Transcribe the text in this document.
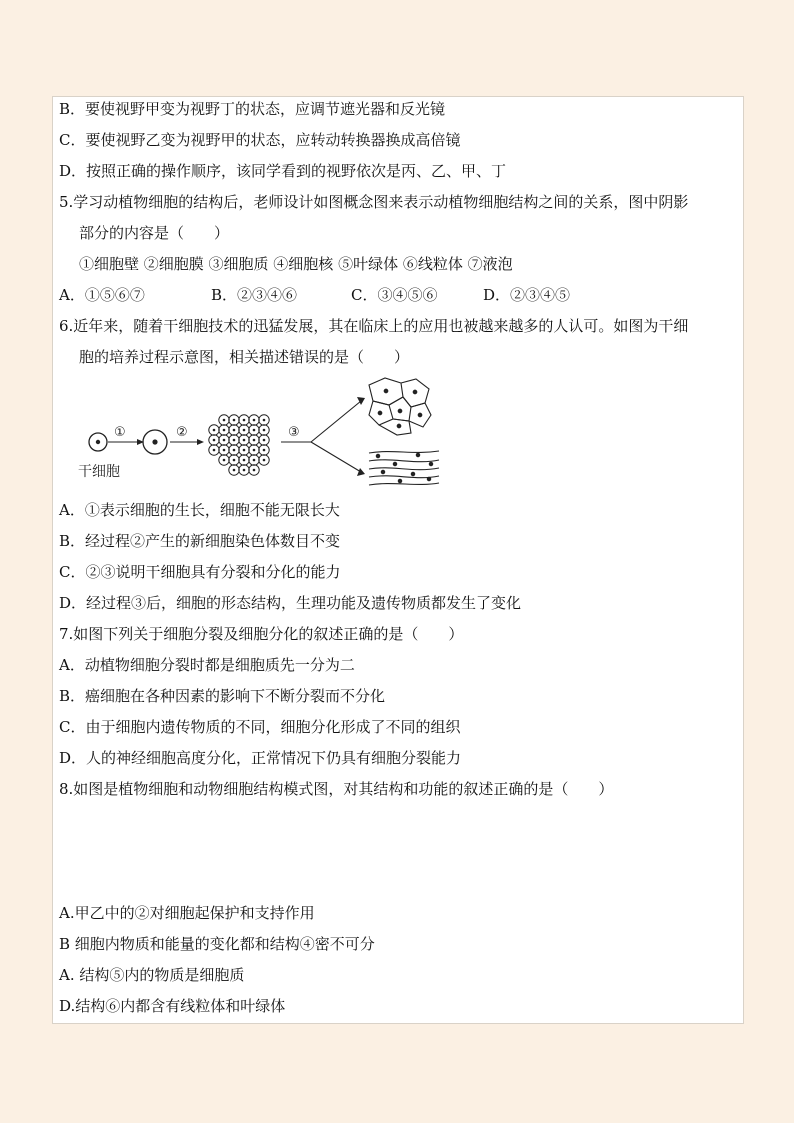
B．要使视野甲变为视野丁的状态，应调节遮光器和反光镜
C．要使视野乙变为视野甲的状态，应转动转换器换成高倍镜
D．按照正确的操作顺序，该同学看到的视野依次是丙、乙、甲、丁
5.学习动植物细胞的结构后，老师设计如图概念图来表示动植物细胞结构之间的关系，图中阴影
部分的内容是（　　）
①细胞壁 ②细胞膜 ③细胞质 ④细胞核 ⑤叶绿体 ⑥线粒体 ⑦液泡
A．①⑤⑥⑦	B．②③④⑥	C．③④⑤⑥	D．②③④⑤
6.近年来，随着干细胞技术的迅猛发展，其在临床上的应用也被越来越多的人认可。如图为干细
胞的培养过程示意图，相关描述错误的是（　　）
干细胞
①	②	③
A．①表示细胞的生长，细胞不能无限长大
B．经过程②产生的新细胞染色体数目不变
C．②③说明干细胞具有分裂和分化的能力
D．经过程③后，细胞的形态结构，生理功能及遗传物质都发生了变化
7.如图下列关于细胞分裂及细胞分化的叙述正确的是（　　）
A．动植物细胞分裂时都是细胞质先一分为二
B．癌细胞在各种因素的影响下不断分裂而不分化
C．由于细胞内遗传物质的不同，细胞分化形成了不同的组织
D．人的神经细胞高度分化，正常情况下仍具有细胞分裂能力
8.如图是植物细胞和动物细胞结构模式图，对其结构和功能的叙述正确的是（　　）
A.甲乙中的②对细胞起保护和支持作用
B 细胞内物质和能量的变化都和结构④密不可分
A. 结构⑤内的物质是细胞质
D.结构⑥内都含有线粒体和叶绿体
